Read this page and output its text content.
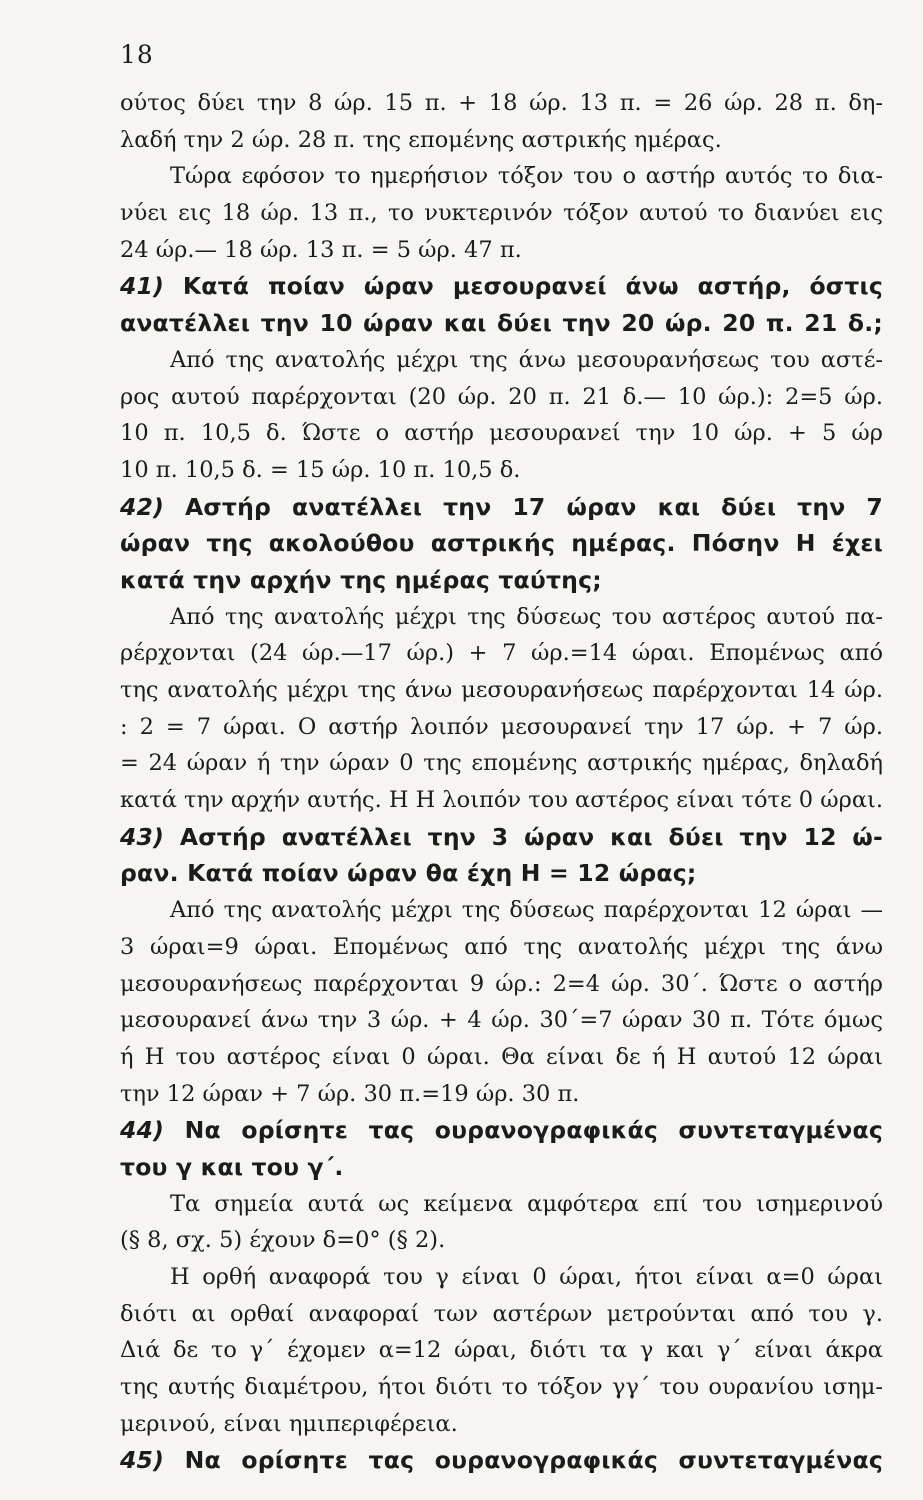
18
ούτος δύει την 8 ώρ. 15 π. + 18 ώρ. 13 π. = 26 ώρ. 28 π. δη-
λαδή την 2 ώρ. 28 π. της επομένης αστρικής ημέρας.
Τώρα εφόσον το ημερήσιον τόξον του ο αστήρ αυτός το δια-
νύει εις 18 ώρ. 13 π., το νυκτερινόν τόξον αυτού το διανύει εις
24 ώρ.— 18 ώρ. 13 π. = 5 ώρ. 47 π.
41) Κατά ποίαν ώραν μεσουρανεί άνω αστήρ, όστις
ανατέλλει την 10 ώραν και δύει την 20 ώρ. 20 π. 21 δ.;
Από της ανατολής μέχρι της άνω μεσουρανήσεως του αστέ-
ρος αυτού παρέρχονται (20 ώρ. 20 π. 21 δ.— 10 ώρ.): 2=5 ώρ.
10 π. 10,5 δ. Ώστε ο αστήρ μεσουρανεί την 10 ώρ. + 5 ώρ
10 π. 10,5 δ. = 15 ώρ. 10 π. 10,5 δ.
42) Αστήρ ανατέλλει την 17 ώραν και δύει την 7
ώραν της ακολούθου αστρικής ημέρας. Πόσην Η έχει
κατά την αρχήν της ημέρας ταύτης;
Από της ανατολής μέχρι της δύσεως του αστέρος αυτού πα-
ρέρχονται (24 ώρ.—17 ώρ.) + 7 ώρ.=14 ώραι. Επομένως από
της ανατολής μέχρι της άνω μεσουρανήσεως παρέρχονται 14 ώρ.
: 2 = 7 ώραι. Ο αστήρ λοιπόν μεσουρανεί την 17 ώρ. + 7 ώρ.
= 24 ώραν ή την ώραν 0 της επομένης αστρικής ημέρας, δηλαδή
κατά την αρχήν αυτής. Η Η λοιπόν του αστέρος είναι τότε 0 ώραι.
43) Αστήρ ανατέλλει την 3 ώραν και δύει την 12 ώ-
ραν. Κατά ποίαν ώραν θα έχη Η = 12 ώρας;
Από της ανατολής μέχρι της δύσεως παρέρχονται 12 ώραι —
3 ώραι=9 ώραι. Επομένως από της ανατολής μέχρι της άνω
μεσουρανήσεως παρέρχονται 9 ώρ.: 2=4 ώρ. 30΄. Ώστε ο αστήρ
μεσουρανεί άνω την 3 ώρ. + 4 ώρ. 30΄=7 ώραν 30 π. Τότε όμως
ή Η του αστέρος είναι 0 ώραι. Θα είναι δε ή Η αυτού 12 ώραι
την 12 ώραν + 7 ώρ. 30 π.=19 ώρ. 30 π.
44) Να ορίσητε τας ουρανογραφικάς συντεταγμένας
του γ και του γ΄.
Τα σημεία αυτά ως κείμενα αμφότερα επί του ισημερινού
(§ 8, σχ. 5) έχουν δ=0° (§ 2).
Η ορθή αναφορά του γ είναι 0 ώραι, ήτοι είναι α=0 ώραι
διότι αι ορθαί αναφοραί των αστέρων μετρούνται από του γ.
Διά δε το γ΄ έχομεν α=12 ώραι, διότι τα γ και γ΄ είναι άκρα
της αυτής διαμέτρου, ήτοι διότι το τόξον γγ΄ του ουρανίου ισημ-
μερινού, είναι ημιπεριφέρεια.
45) Να ορίσητε τας ουρανογραφικάς συντεταγμένας
